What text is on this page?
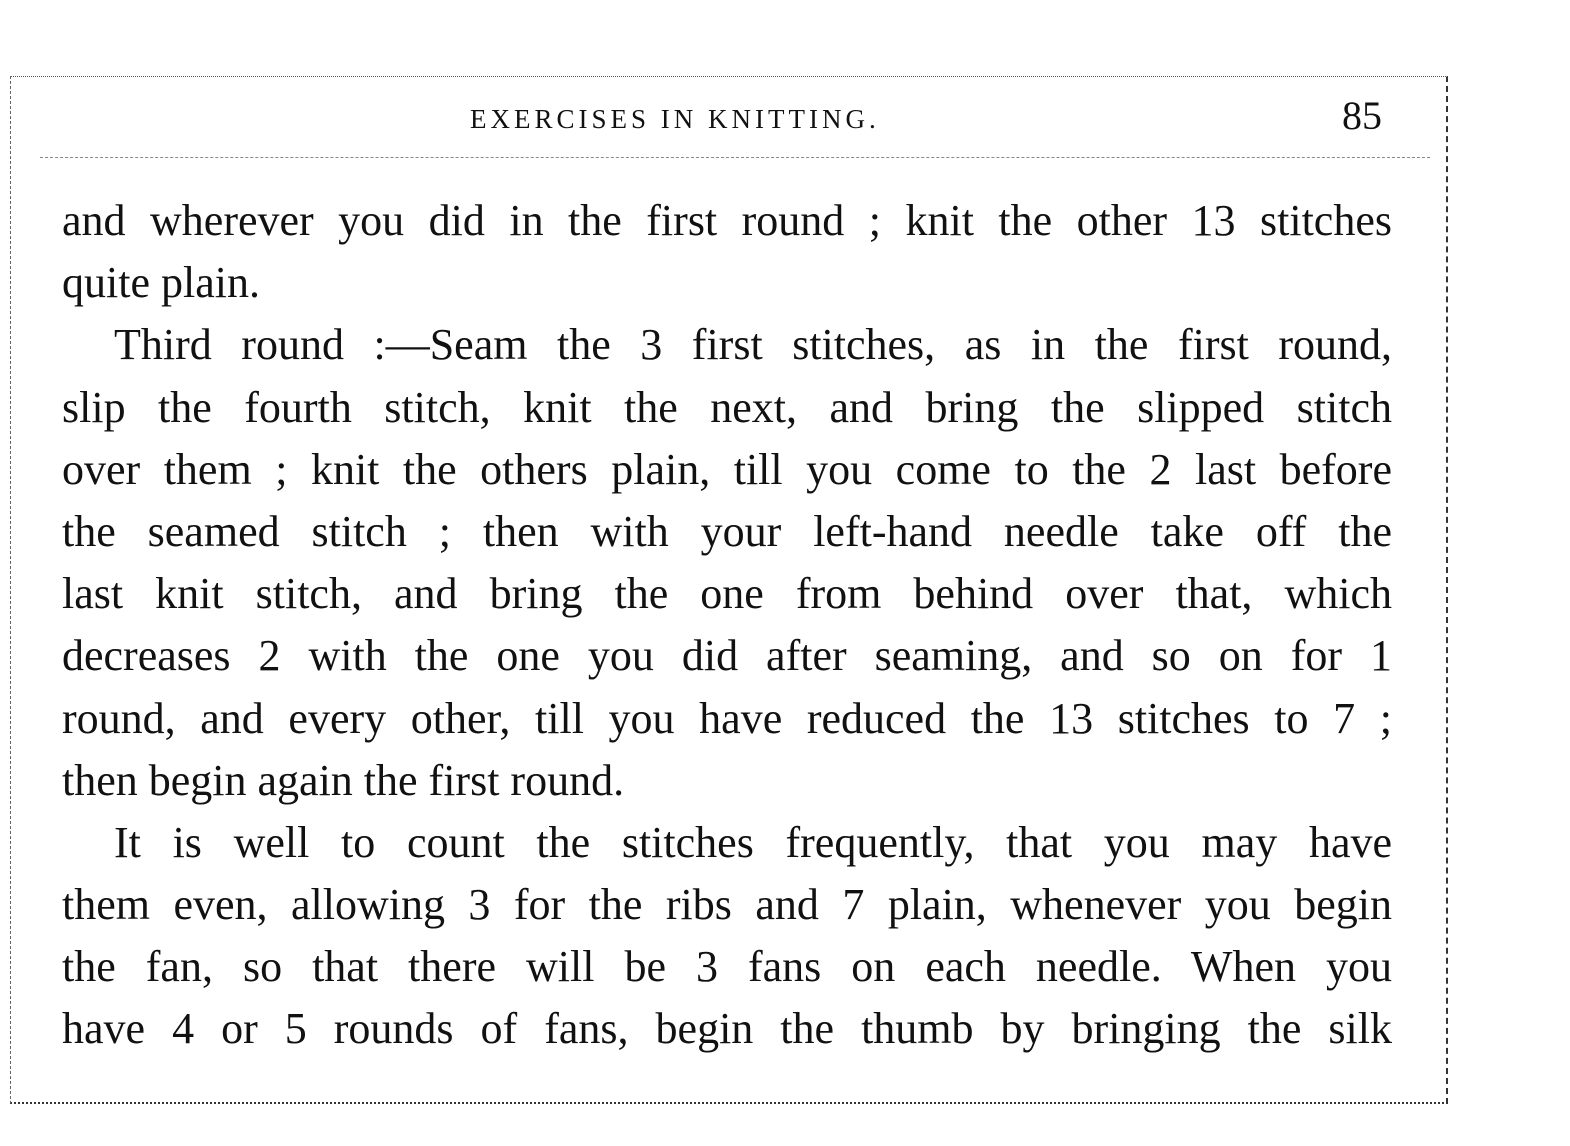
EXERCISES IN KNITTING.	85
and wherever you did in the first round ; knit the other 13 stitches
quite plain.
Third round :—Seam the 3 first stitches, as in the first round,
slip the fourth stitch, knit the next, and bring the slipped stitch
over them ; knit the others plain, till you come to the 2 last before
the seamed stitch ; then with your left-hand needle take off the
last knit stitch, and bring the one from behind over that, which
decreases 2 with the one you did after seaming, and so on for 1
round, and every other, till you have reduced the 13 stitches to 7 ;
then begin again the first round.
It is well to count the stitches frequently, that you may have
them even, allowing 3 for the ribs and 7 plain, whenever you begin
the fan, so that there will be 3 fans on each needle. When you
have 4 or 5 rounds of fans, begin the thumb by bringing the silk
